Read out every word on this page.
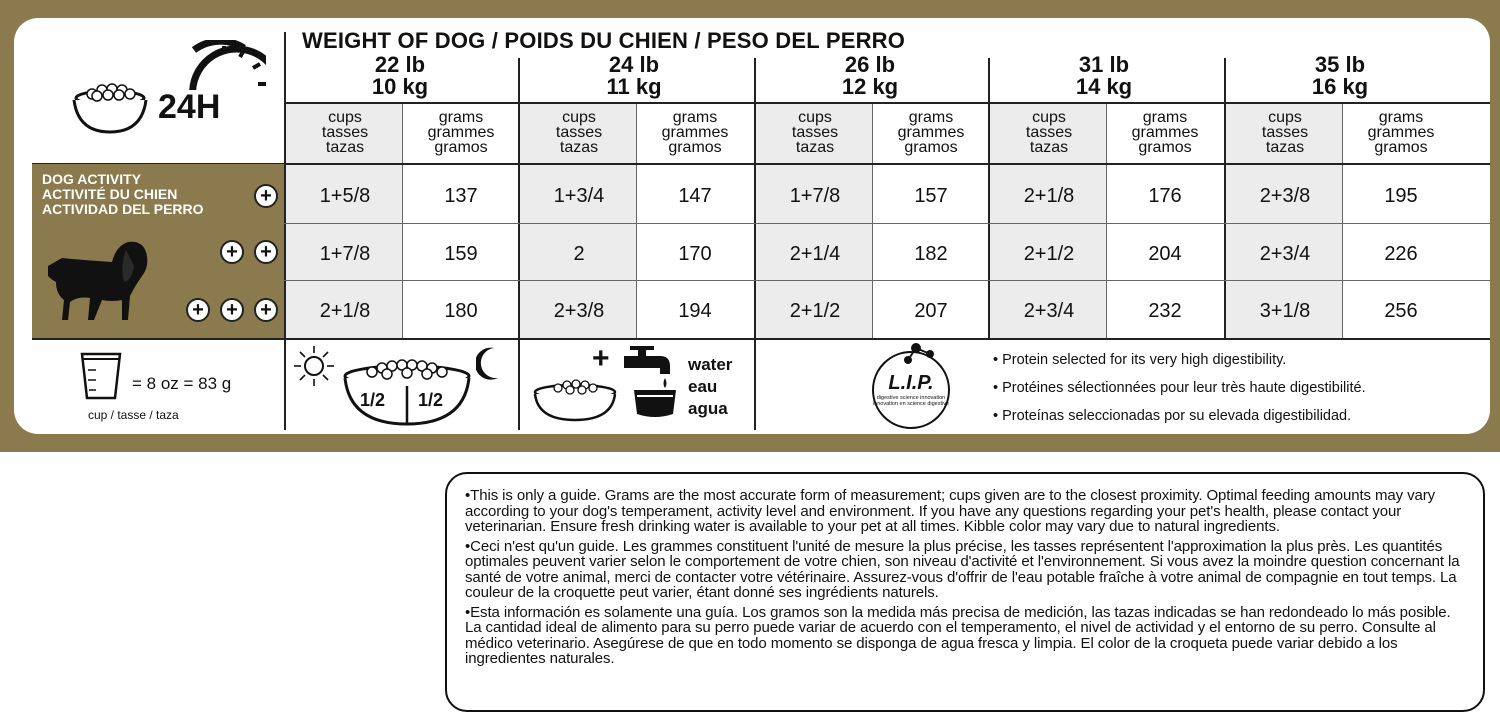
24H
WEIGHT OF DOG / POIDS DU CHIEN / PESO DEL PERRO
22 lb
10 kg
24 lb
11 kg
26 lb
12 kg
31 lb
14 kg
35 lb
16 kg
cups
tasses
tazas
grams
grammes
gramos
cups
tasses
tazas
grams
grammes
gramos
cups
tasses
tazas
grams
grammes
gramos
cups
tasses
tazas
grams
grammes
gramos
cups
tasses
tazas
grams
grammes
gramos
1+5/8	137	1+3/4	147	1+7/8	157	2+1/8	176	2+3/8	195
1+7/8	159	2	170	2+1/4	182	2+1/2	204	2+3/4	226
2+1/8	180	2+3/8	194	2+1/2	207	2+3/4	232	3+1/8	256
DOG ACTIVITY
ACTIVITÉ DU CHIEN
ACTIVIDAD DEL PERRO
+
+	+
+	+	+
= 8 oz = 83 g
cup / tasse / taza
1/2 1/2
+	water
eau
agua
L.I.P.
digestive science innovation
innovation en science digestive
• Protein selected for its very high digestibility.
• Protéines sélectionnées pour leur très haute digestibilité.
• Proteínas seleccionadas por su elevada digestibilidad.

•This is only a guide. Grams are the most accurate form of measurement; cups given are to the closest proximity. Optimal feeding amounts may vary according to your dog's temperament, activity level and environment. If you have any questions regarding your pet's health, please contact your veterinarian. Ensure fresh drinking water is available to your pet at all times. Kibble color may vary due to natural ingredients.

•Ceci n'est qu'un guide. Les grammes constituent l'unité de mesure la plus précise, les tasses représentent l'approximation la plus près. Les quantités optimales peuvent varier selon le comportement de votre chien, son niveau d'activité et l'environnement. Si vous avez la moindre question concernant la santé de votre animal, merci de contacter votre vétérinaire. Assurez-vous d'offrir de l'eau potable fraîche à votre animal de compagnie en tout temps. La couleur de la croquette peut varier, étant donné ses ingrédients naturels.

•Esta información es solamente una guía. Los gramos son la medida más precisa de medición, las tazas indicadas se han redondeado lo más posible. La cantidad ideal de alimento para su perro puede variar de acuerdo con el temperamento, el nivel de actividad y el entorno de su perro. Consulte al médico veterinario. Asegúrese de que en todo momento se disponga de agua fresca y limpia. El color de la croqueta puede variar debido a los ingredientes naturales.
